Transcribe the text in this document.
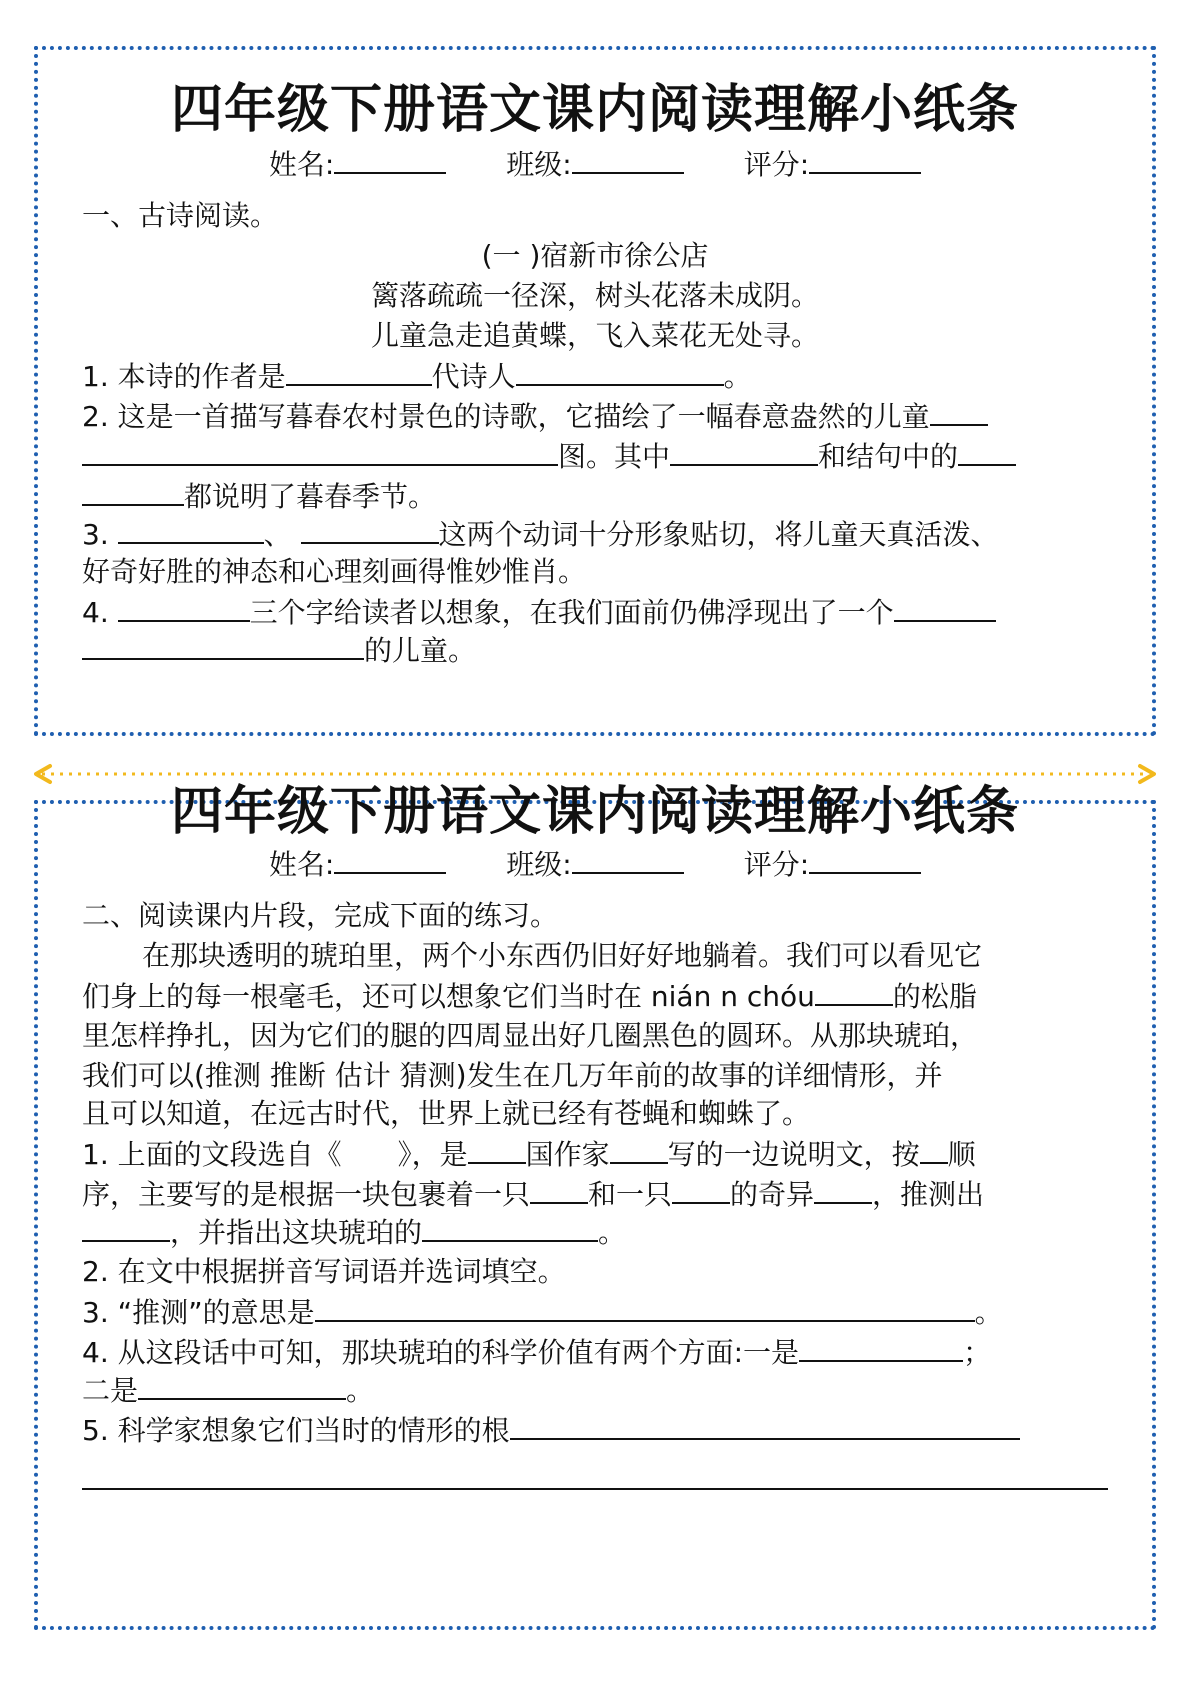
四年级下册语文课内阅读理解小纸条
姓名:	班级:	评分:
一、古诗阅读。
(一 )宿新市徐公店
篱落疏疏一径深，树头花落未成阴。
儿童急走追黄蝶，飞入菜花无处寻。
1. 本诗的作者是	代诗人	。
2. 这是一首描写暮春农村景色的诗歌，它描绘了一幅春意盎然的儿童
图。其中	和结句中的
都说明了暮春季节。
3.	、	这两个动词十分形象贴切，将儿童天真活泼、
好奇好胜的神态和心理刻画得惟妙惟肖。
4.	三个字给读者以想象，在我们面前仍佛浮现出了一个
的儿童。
四年级下册语文课内阅读理解小纸条
姓名:	班级:	评分:
二、阅读课内片段，完成下面的练习。
在那块透明的琥珀里，两个小东西仍旧好好地躺着。我们可以看见它
们身上的每一根毫毛，还可以想象它们当时在 nián n chóu	的松脂
里怎样挣扎，因为它们的腿的四周显出好几圈黑色的圆环。从那块琥珀，
我们可以(推测 推断 估计 猜测)发生在几万年前的故事的详细情形，并
且可以知道，在远古时代，世界上就已经有苍蝇和蜘蛛了。
1. 上面的文段选自《 》，是 国作家 写的一边说明文，按 顺
序，主要写的是根据一块包裹着一只 和一只 的奇异 ，推测出
，并指出这块琥珀的	。
2. 在文中根据拼音写词语并选词填空。
3. “推测”的意思是	。
4. 从这段话中可知，那块琥珀的科学价值有两个方面:一是	；
二是	。
5. 科学家想象它们当时的情形的根
